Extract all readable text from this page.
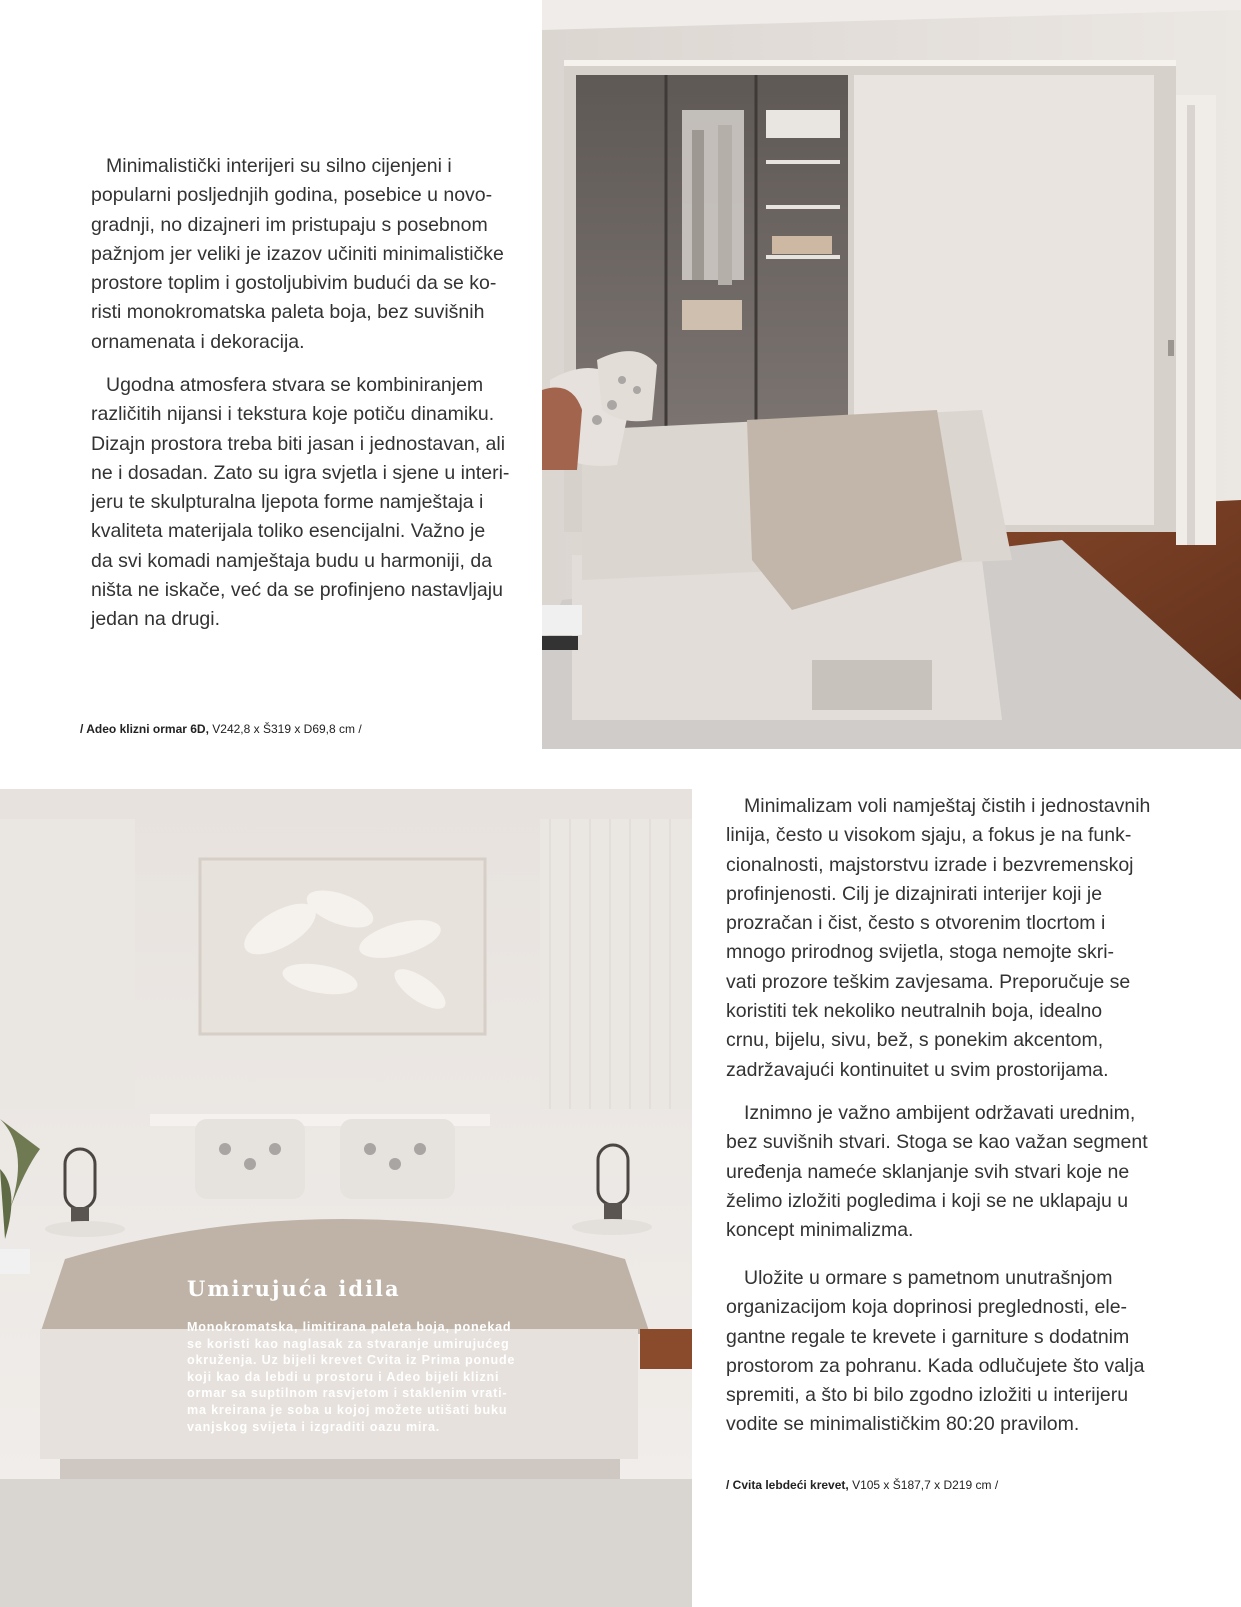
Minimalistički interijeri su silno cijenjeni i
popularni posljednjih godina, posebice u novo-
gradnji, no dizajneri im pristupaju s posebnom
pažnjom jer veliki je izazov učiniti minimalističke
prostore toplim i gostoljubivim budući da se ko-
risti monokromatska paleta boja, bez suvišnih
ornamenata i dekoracija.

Ugodna atmosfera stvara se kombiniranjem
različitih nijansi i tekstura koje potiču dinamiku.
Dizajn prostora treba biti jasan i jednostavan, ali
ne i dosadan. Zato su igra svjetla i sjene u interi-
jeru te skulpturalna ljepota forme namještaja i
kvaliteta materijala toliko esencijalni. Važno je
da svi komadi namještaja budu u harmoniji, da
ništa ne iskače, već da se profinjeno nastavljaju
jedan na drugi.

/ Adeo klizni ormar 6D, V242,8 x Š319 x D69,8 cm /
Umirujuća idila

Monokromatska, limitirana paleta boja, ponekad
se koristi kao naglasak za stvaranje umirujućeg
okruženja. Uz bijeli krevet Cvita iz Prima ponude
koji kao da lebdi u prostoru i Adeo bijeli klizni
ormar sa suptilnom rasvjetom i staklenim vrati-
ma kreirana je soba u kojoj možete utišati buku
vanjskog svijeta i izgraditi oazu mira.

Minimalizam voli namještaj čistih i jednostavnih
linija, često u visokom sjaju, a fokus je na funk-
cionalnosti, majstorstvu izrade i bezvremenskoj
profinjenosti. Cilj je dizajnirati interijer koji je
prozračan i čist, često s otvorenim tlocrtom i
mnogo prirodnog svijetla, stoga nemojte skri-
vati prozore teškim zavjesama. Preporučuje se
koristiti tek nekoliko neutralnih boja, idealno
crnu, bijelu, sivu, bež, s ponekim akcentom,
zadržavajući kontinuitet u svim prostorijama.

Iznimno je važno ambijent održavati urednim,
bez suvišnih stvari. Stoga se kao važan segment
uređenja nameće sklanjanje svih stvari koje ne
želimo izložiti pogledima i koji se ne uklapaju u
koncept minimalizma.

Uložite u ormare s pametnom unutrašnjom
organizacijom koja doprinosi preglednosti, ele-
gantne regale te krevete i garniture s dodatnim
prostorom za pohranu. Kada odlučujete što valja
spremiti, a što bi bilo zgodno izložiti u interijeru
vodite se minimalističkim 80:20 pravilom.

/ Cvita lebdeći krevet, V105 x Š187,7 x D219 cm /
